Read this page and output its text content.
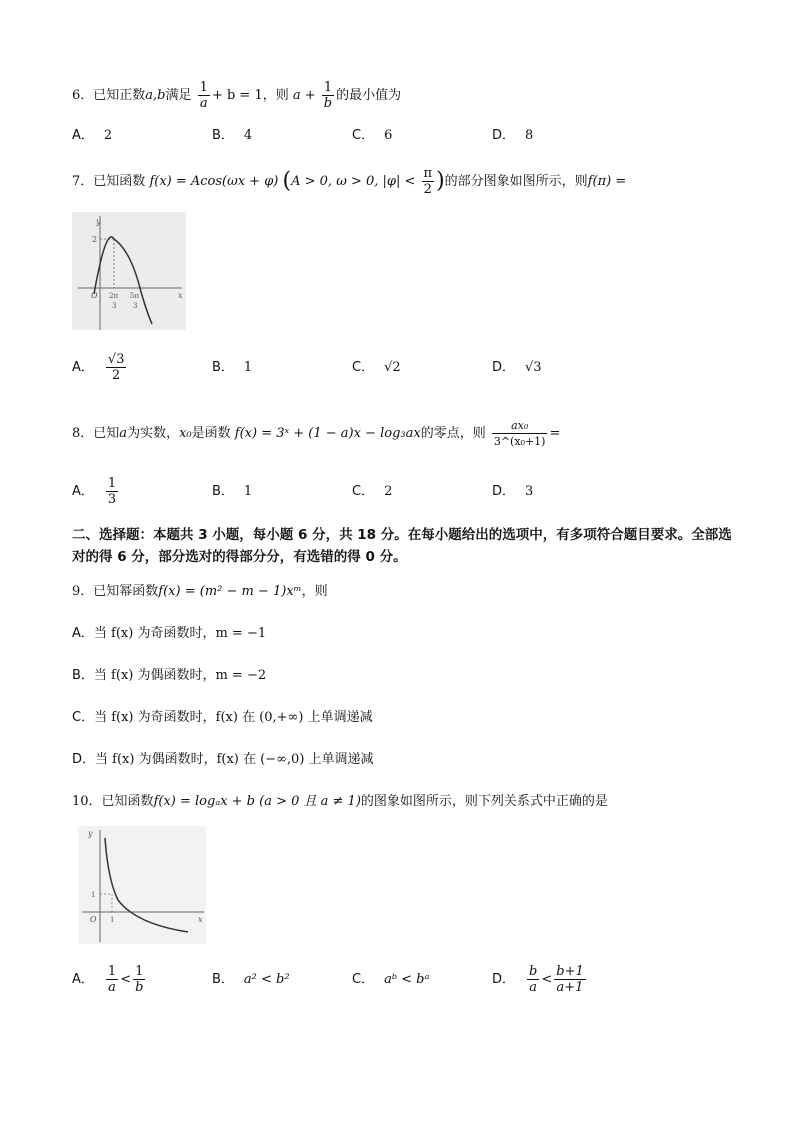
6．已知正数a,b满足 $\frac{1}{a} + b = 1$，则 $a + \frac{1}{b}$ 的最小值为
A． 2	B． 4	C． 6	D． 8
7．已知函数 f(x) = Acos(ωx + φ) (A > 0, ω > 0, $|\varphi| < \frac{\pi}{2}$ )的部分图象如图所示，则f(π) =
y
x
O
2
2π
3
5π
3
A． $\frac{√3}{2}$	B． 1	C． √2	D． √3
8．已知a为实数，x₀是函数 f(x) = 3ˣ + (1 − a)x − log₃ax的零点，则 $\frac{\text{ax₀}}{\text{3\textasciicircum{}(x₀+1)}}$ =
A． $\frac{1}{3}$	B． 1	C． 2	D． 3
二、选择题：本题共 3 小题，每小题 6 分，共 18 分。在每小题给出的选项中，有多项符合题目要求。全部选对的得 6 分，部分选对的得部分分，有选错的得 0 分。
9．已知幂函数f(x) = (m² − m − 1)xᵐ，则
A．当 f(x) 为奇函数时，m = −1
B．当 f(x) 为偶函数时，m = −2
C．当 f(x) 为奇函数时，f(x) 在 (0,+∞) 上单调递减
D．当 f(x) 为偶函数时，f(x) 在 (−∞,0) 上单调递减
10．已知函数f(x) = logₐx + b (a > 0 且 a ≠ 1)的图象如图所示，则下列关系式中正确的是
y
x
O
1
1
A． $\frac{1}{a} < \frac{1}{b}$	B． a² < b²	C． aᵇ < bᵃ	D． $\frac{b}{a} < \frac{b+1}{a+1}$
